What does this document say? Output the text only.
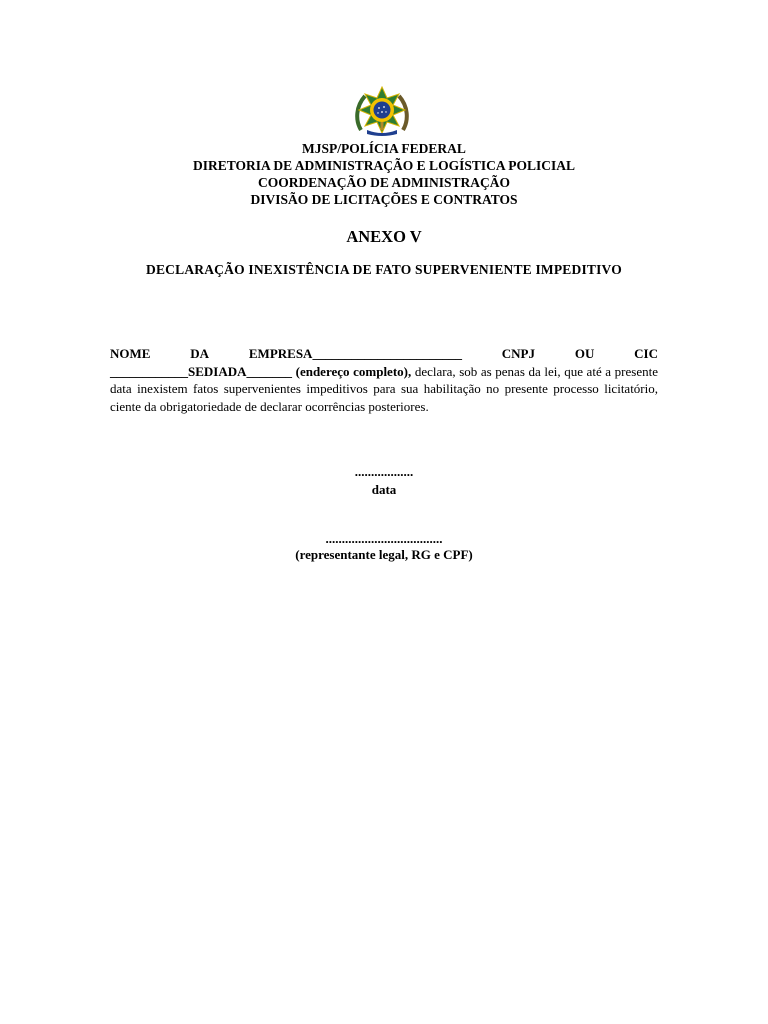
MJSP/POLÍCIA FEDERAL
DIRETORIA DE ADMINISTRAÇÃO E LOGÍSTICA POLICIAL
COORDENAÇÃO DE ADMINISTRAÇÃO
DIVISÃO DE LICITAÇÕES E CONTRATOS
ANEXO V
DECLARAÇÃO INEXISTÊNCIA DE FATO SUPERVENIENTE IMPEDITIVO
NOME	DA	EMPRESA_______________________	CNPJ	OU	CIC
____________SEDIADA_______ (endereço completo), declara, sob as penas da lei, que até a presente data inexistem fatos supervenientes impeditivos para sua habilitação no presente processo licitatório, ciente da obrigatoriedade de declarar ocorrências posteriores.
..................
data
....................................
(representante legal, RG e CPF)
